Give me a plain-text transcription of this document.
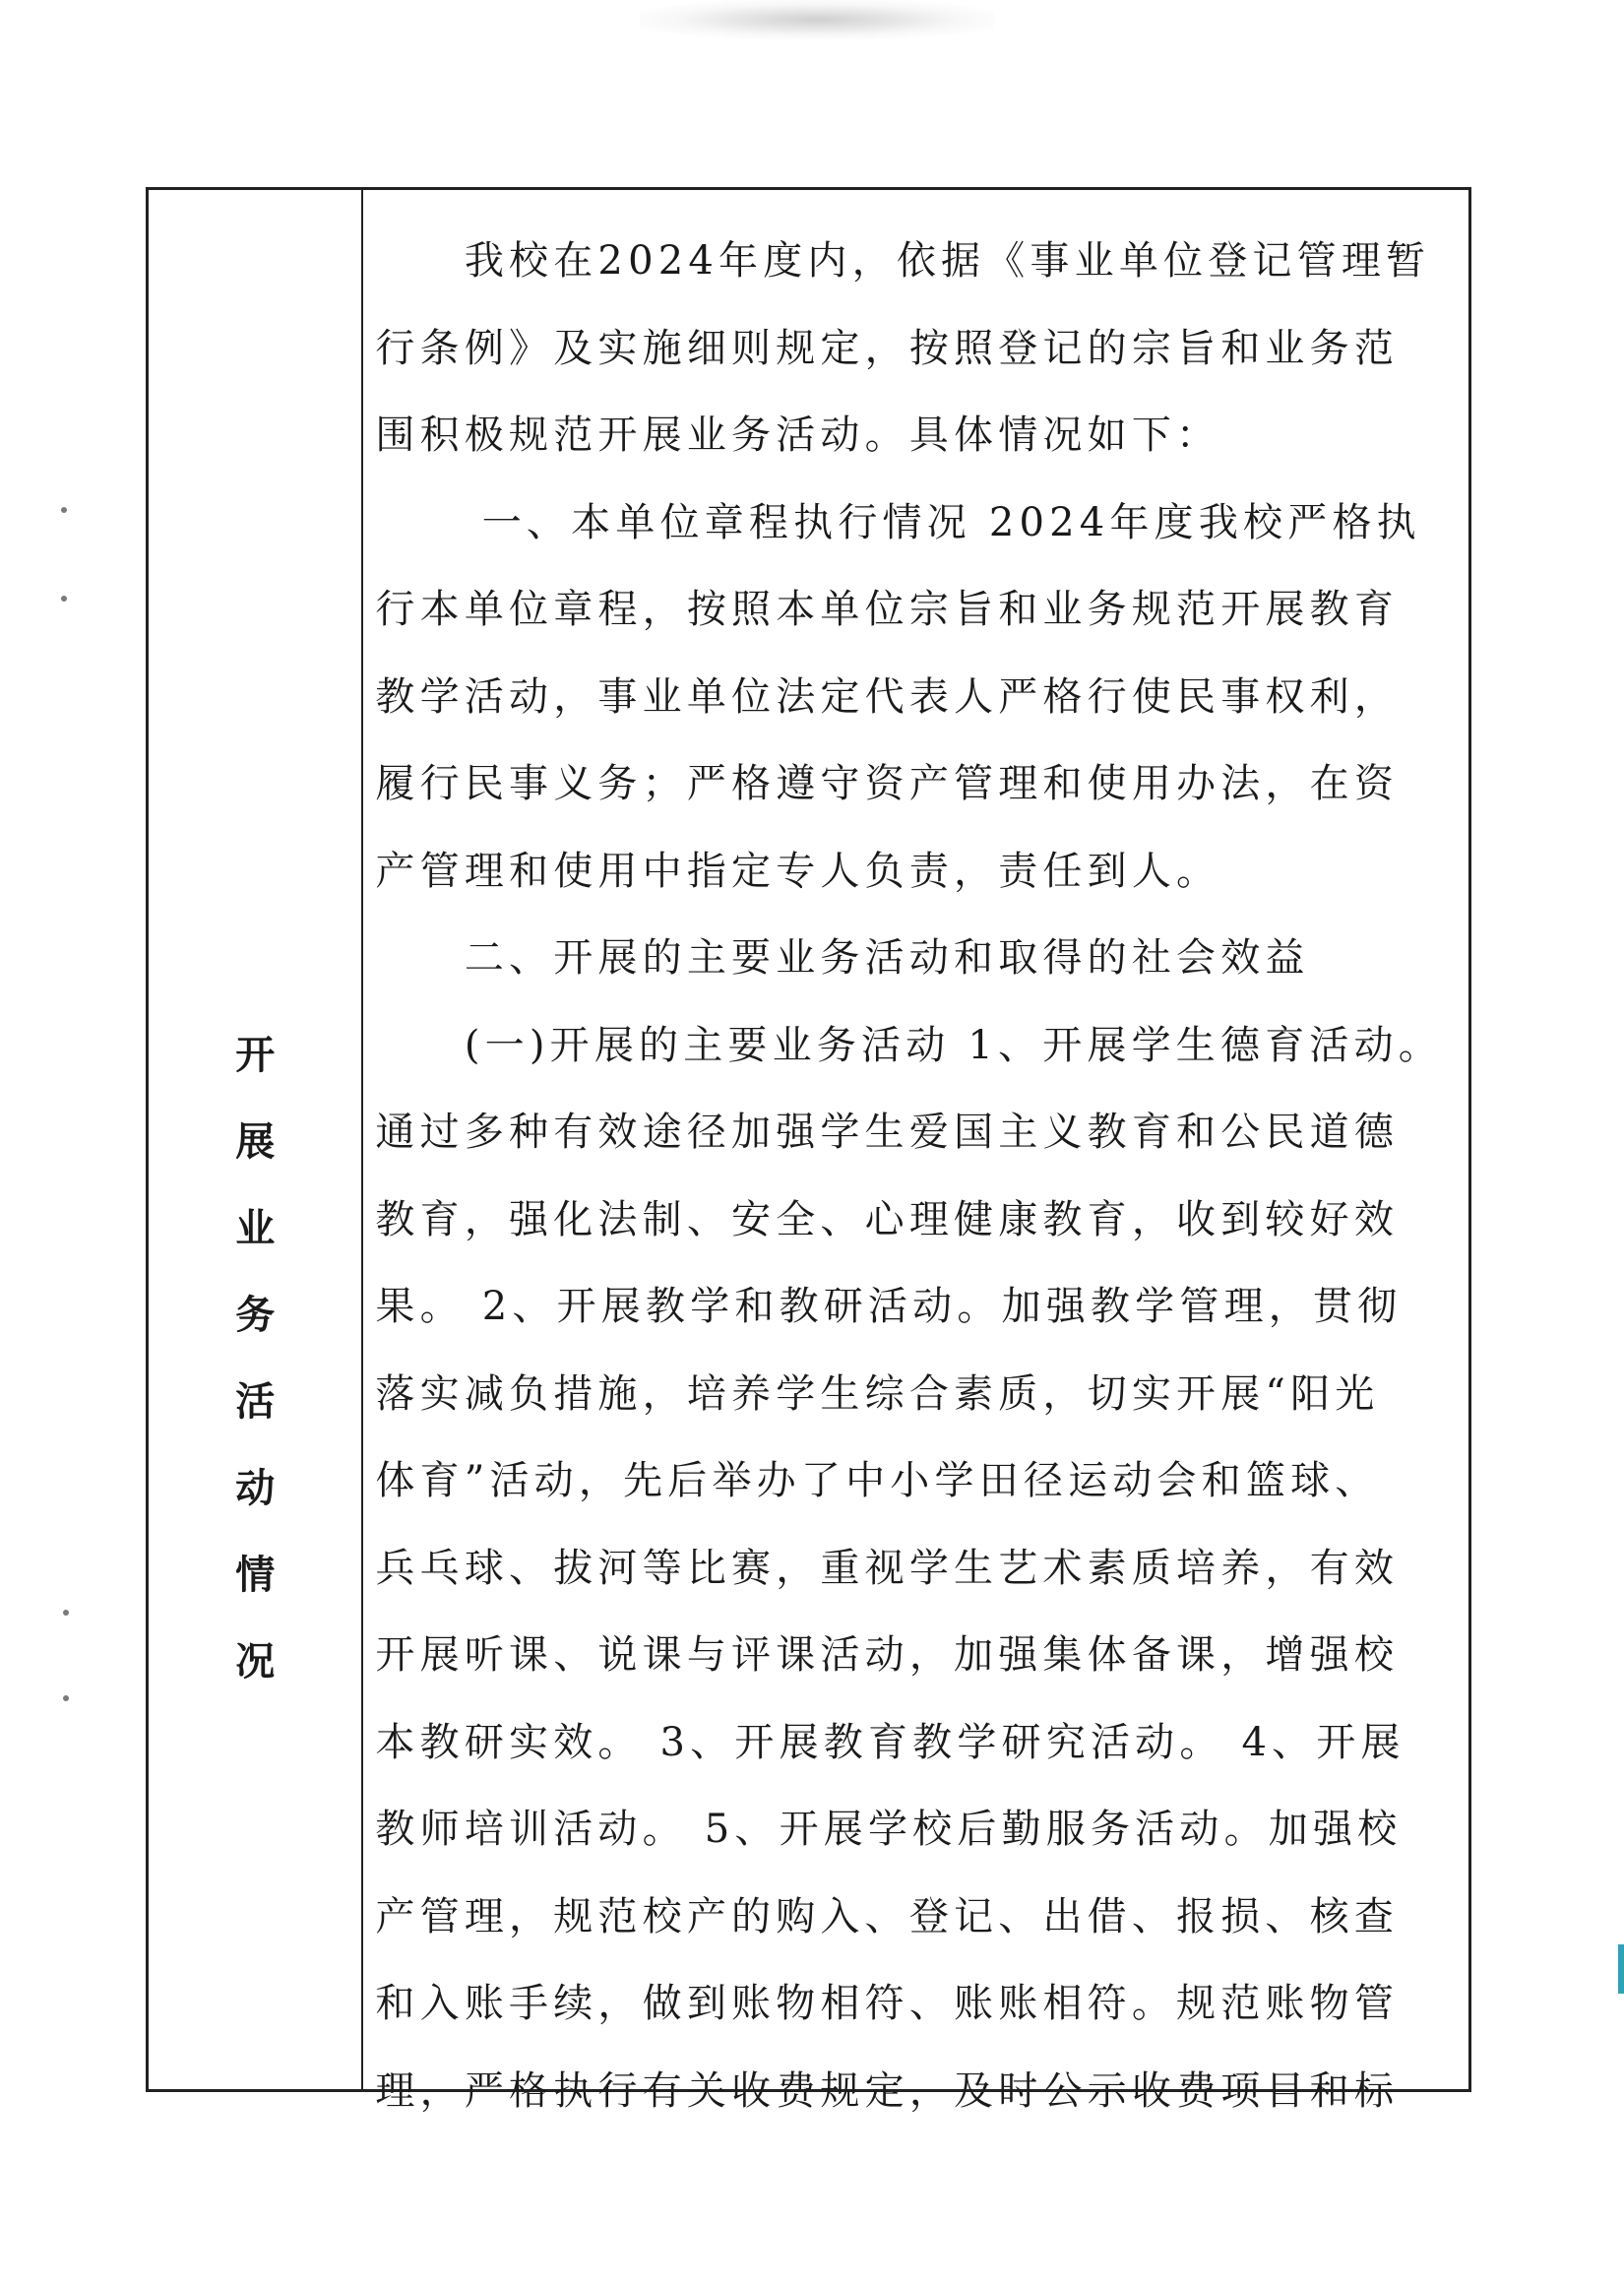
开
展
业
务
活
动
情
况
　　我校在2024年度内，依据《事业单位登记管理暂
行条例》及实施细则规定，按照登记的宗旨和业务范
围积极规范开展业务活动。具体情况如下：
　　 一、本单位章程执行情况 2024年度我校严格执
行本单位章程，按照本单位宗旨和业务规范开展教育
教学活动，事业单位法定代表人严格行使民事权利，
履行民事义务；严格遵守资产管理和使用办法，在资
产管理和使用中指定专人负责，责任到人。
　　二、开展的主要业务活动和取得的社会效益
　　(一)开展的主要业务活动 1、开展学生德育活动。
通过多种有效途径加强学生爱国主义教育和公民道德
教育，强化法制、安全、心理健康教育，收到较好效
果。 2、开展教学和教研活动。加强教学管理，贯彻
落实减负措施，培养学生综合素质，切实开展“阳光
体育”活动，先后举办了中小学田径运动会和篮球、
兵乓球、拔河等比赛，重视学生艺术素质培养，有效
开展听课、说课与评课活动，加强集体备课，增强校
本教研实效。 3、开展教育教学研究活动。 4、开展
教师培训活动。 5、开展学校后勤服务活动。加强校
产管理，规范校产的购入、登记、出借、报损、核查
和入账手续，做到账物相符、账账相符。规范账物管
理，严格执行有关收费规定，及时公示收费项目和标
